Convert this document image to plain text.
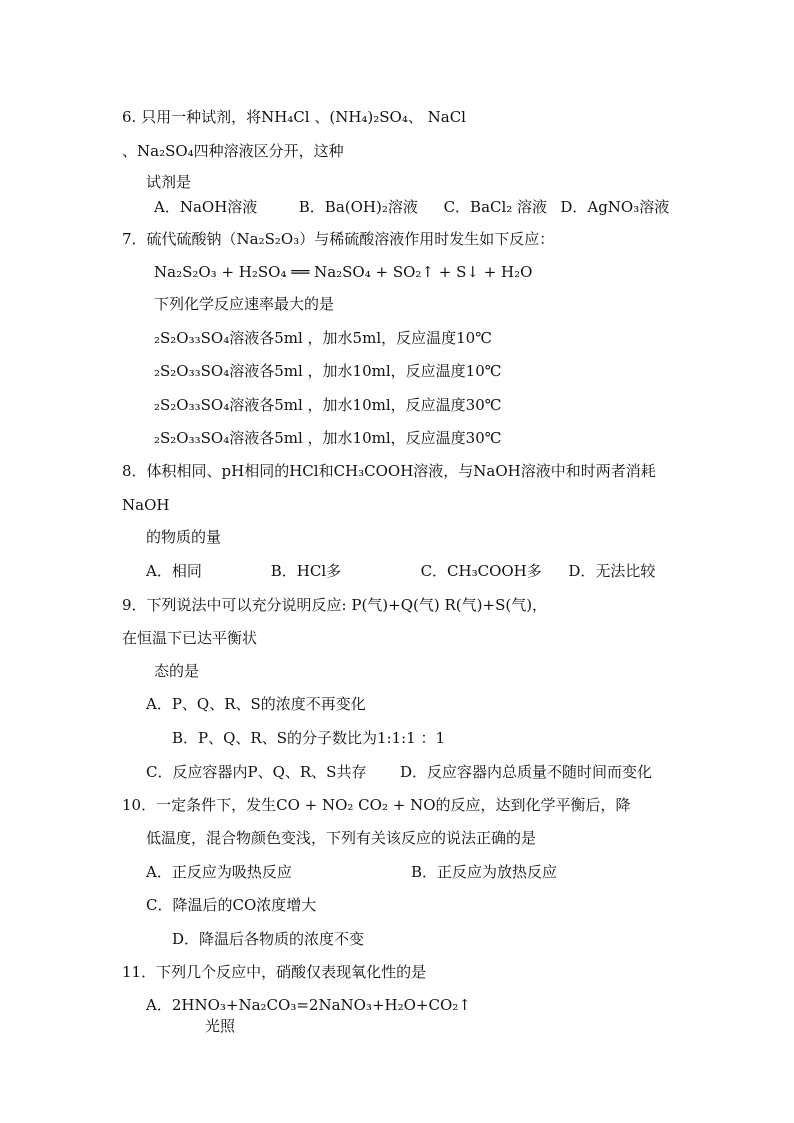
6. 只用一种试剂，将NH₄Cl 、(NH₄)₂SO₄、 NaCl
、Na₂SO₄四种溶液区分开，这种
试剂是
A．NaOH溶液	B．Ba(OH)₂溶液 C．BaCl₂ 溶液 D．AgNO₃溶液
7．硫代硫酸钠（Na₂S₂O₃）与稀硫酸溶液作用时发生如下反应：
Na₂S₂O₃ + H₂SO₄ ══ Na₂SO₄ + SO₂↑ + S↓ + H₂O
下列化学反应速率最大的是
₂S₂O₃₃SO₄溶液各5ml ，加水5ml，反应温度10℃
₂S₂O₃₃SO₄溶液各5ml ，加水10ml，反应温度10℃
₂S₂O₃₃SO₄溶液各5ml ，加水10ml，反应温度30℃
₂S₂O₃₃SO₄溶液各5ml ，加水10ml，反应温度30℃
8．体积相同、pH相同的HCl和CH₃COOH溶液，与NaOH溶液中和时两者消耗
NaOH
的物质的量
A．相同	B．HCl多	C．CH₃COOH多 D．无法比较
9．下列说法中可以充分说明反应: P(气)+Q(气) R(气)+S(气)，
在恒温下已达平衡状
态的是
A．P、Q、R、S的浓度不再变化
B．P、Q、R、S的分子数比为1:1:1 ：1
C．反应容器内P、Q、R、S共存 D．反应容器内总质量不随时间而变化
10．一定条件下，发生CO + NO₂ CO₂ + NO的反应，达到化学平衡后，降
低温度，混合物颜色变浅，下列有关该反应的说法正确的是
A．正反应为吸热反应	B．正反应为放热反应
C．降温后的CO浓度增大
D．降温后各物质的浓度不变
11．下列几个反应中，硝酸仅表现氧化性的是
A．2HNO₃+Na₂CO₃=2NaNO₃+H₂O+CO₂↑
光照
